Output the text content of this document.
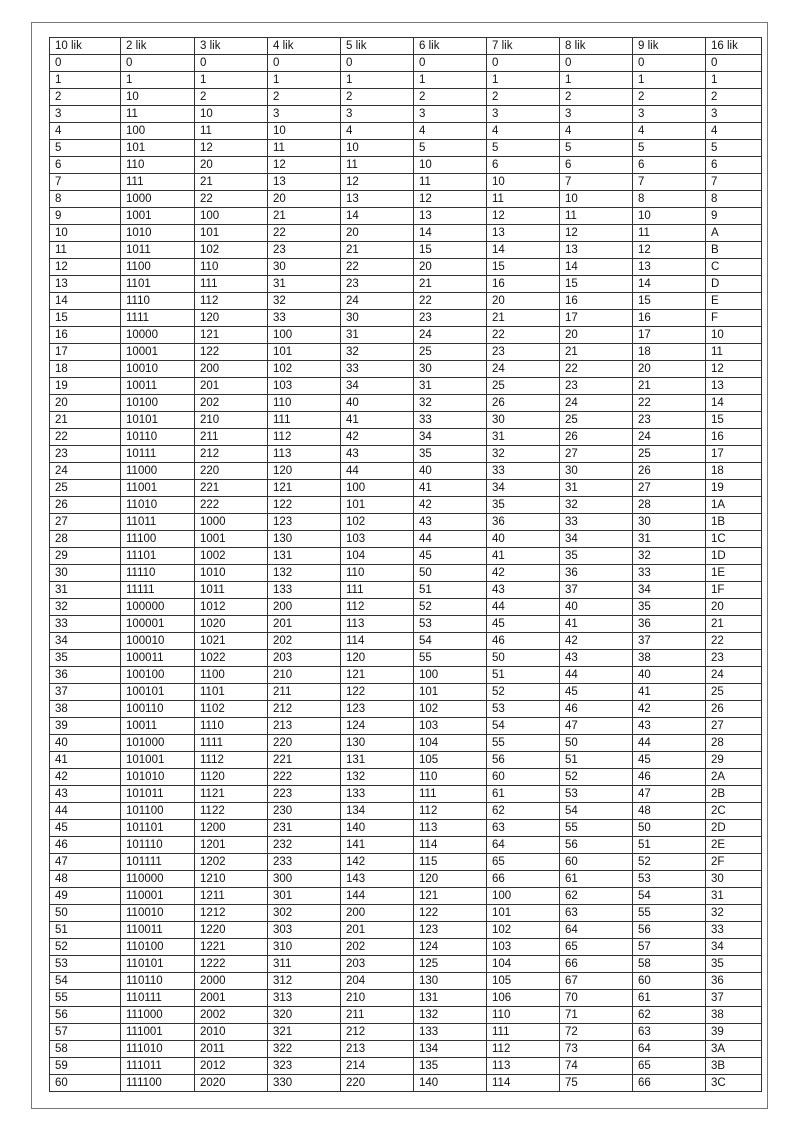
10 lik	2 lik	3 lik	4 lik	5 lik	6 lik	7 lik	8 lik	9 lik	16 lik
0	0	0	0	0	0	0	0	0	0
1	1	1	1	1	1	1	1	1	1
2	10	2	2	2	2	2	2	2	2
3	11	10	3	3	3	3	3	3	3
4	100	11	10	4	4	4	4	4	4
5	101	12	11	10	5	5	5	5	5
6	110	20	12	11	10	6	6	6	6
7	111	21	13	12	11	10	7	7	7
8	1000	22	20	13	12	11	10	8	8
9	1001	100	21	14	13	12	11	10	9
10	1010	101	22	20	14	13	12	11	A
11	1011	102	23	21	15	14	13	12	B
12	1100	110	30	22	20	15	14	13	C
13	1101	111	31	23	21	16	15	14	D
14	1110	112	32	24	22	20	16	15	E
15	1111	120	33	30	23	21	17	16	F
16	10000	121	100	31	24	22	20	17	10
17	10001	122	101	32	25	23	21	18	11
18	10010	200	102	33	30	24	22	20	12
19	10011	201	103	34	31	25	23	21	13
20	10100	202	110	40	32	26	24	22	14
21	10101	210	111	41	33	30	25	23	15
22	10110	211	112	42	34	31	26	24	16
23	10111	212	113	43	35	32	27	25	17
24	11000	220	120	44	40	33	30	26	18
25	11001	221	121	100	41	34	31	27	19
26	11010	222	122	101	42	35	32	28	1A
27	11011	1000	123	102	43	36	33	30	1B
28	11100	1001	130	103	44	40	34	31	1C
29	11101	1002	131	104	45	41	35	32	1D
30	11110	1010	132	110	50	42	36	33	1E
31	11111	1011	133	111	51	43	37	34	1F
32	100000	1012	200	112	52	44	40	35	20
33	100001	1020	201	113	53	45	41	36	21
34	100010	1021	202	114	54	46	42	37	22
35	100011	1022	203	120	55	50	43	38	23
36	100100	1100	210	121	100	51	44	40	24
37	100101	1101	211	122	101	52	45	41	25
38	100110	1102	212	123	102	53	46	42	26
39	10011	1110	213	124	103	54	47	43	27
40	101000	1111	220	130	104	55	50	44	28
41	101001	1112	221	131	105	56	51	45	29
42	101010	1120	222	132	110	60	52	46	2A
43	101011	1121	223	133	111	61	53	47	2B
44	101100	1122	230	134	112	62	54	48	2C
45	101101	1200	231	140	113	63	55	50	2D
46	101110	1201	232	141	114	64	56	51	2E
47	101111	1202	233	142	115	65	60	52	2F
48	110000	1210	300	143	120	66	61	53	30
49	110001	1211	301	144	121	100	62	54	31
50	110010	1212	302	200	122	101	63	55	32
51	110011	1220	303	201	123	102	64	56	33
52	110100	1221	310	202	124	103	65	57	34
53	110101	1222	311	203	125	104	66	58	35
54	110110	2000	312	204	130	105	67	60	36
55	110111	2001	313	210	131	106	70	61	37
56	111000	2002	320	211	132	110	71	62	38
57	111001	2010	321	212	133	111	72	63	39
58	111010	2011	322	213	134	112	73	64	3A
59	111011	2012	323	214	135	113	74	65	3B
60	111100	2020	330	220	140	114	75	66	3C
